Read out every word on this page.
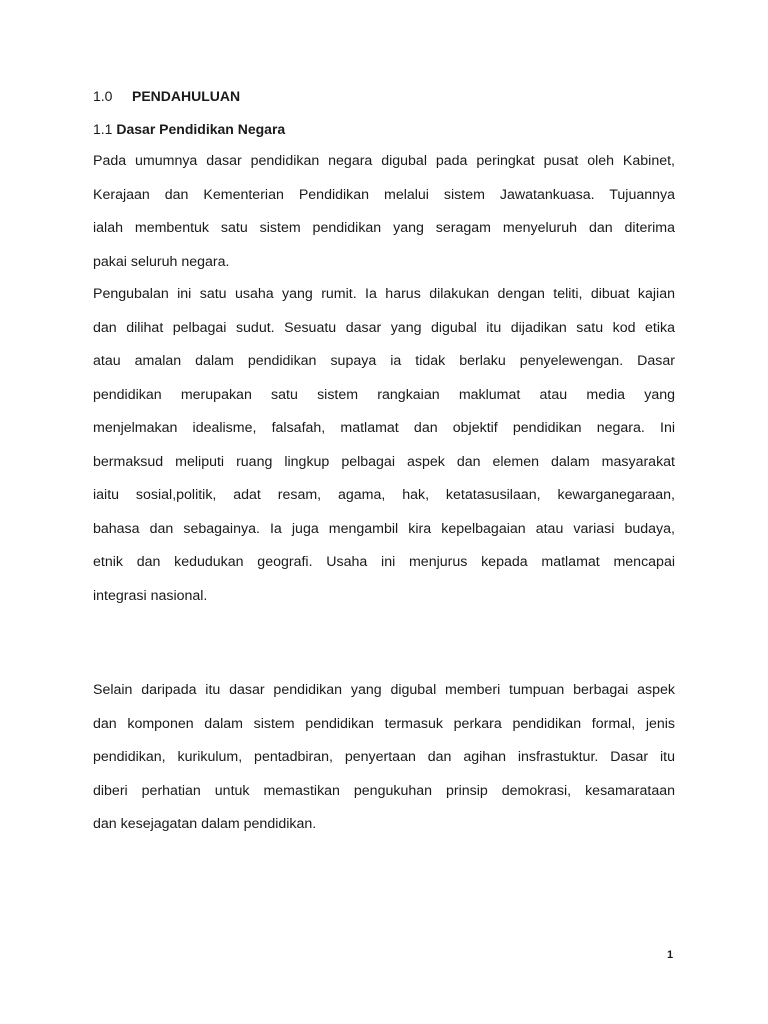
1.0 PENDAHULUAN
1.1 Dasar Pendidikan Negara
Pada umumnya dasar pendidikan negara digubal pada peringkat pusat oleh Kabinet,
Kerajaan dan Kementerian Pendidikan melalui sistem Jawatankuasa. Tujuannya
ialah membentuk satu sistem pendidikan yang seragam menyeluruh dan diterima
pakai seluruh negara.
Pengubalan ini satu usaha yang rumit. Ia harus dilakukan dengan teliti, dibuat kajian
dan dilihat pelbagai sudut. Sesuatu dasar yang digubal itu dijadikan satu kod etika
atau amalan dalam pendidikan supaya ia tidak berlaku penyelewengan. Dasar
pendidikan merupakan satu sistem rangkaian maklumat atau media yang
menjelmakan idealisme, falsafah, matlamat dan objektif pendidikan negara. Ini
bermaksud meliputi ruang lingkup pelbagai aspek dan elemen dalam masyarakat
iaitu sosial,politik, adat resam, agama, hak, ketatasusilaan, kewarganegaraan,
bahasa dan sebagainya. Ia juga mengambil kira kepelbagaian atau variasi budaya,
etnik dan kedudukan geografi. Usaha ini menjurus kepada matlamat mencapai
integrasi nasional.
Selain daripada itu dasar pendidikan yang digubal memberi tumpuan berbagai aspek
dan komponen dalam sistem pendidikan termasuk perkara pendidikan formal, jenis
pendidikan, kurikulum, pentadbiran, penyertaan dan agihan insfrastuktur. Dasar itu
diberi perhatian untuk memastikan pengukuhan prinsip demokrasi, kesamarataan
dan kesejagatan dalam pendidikan.
1
